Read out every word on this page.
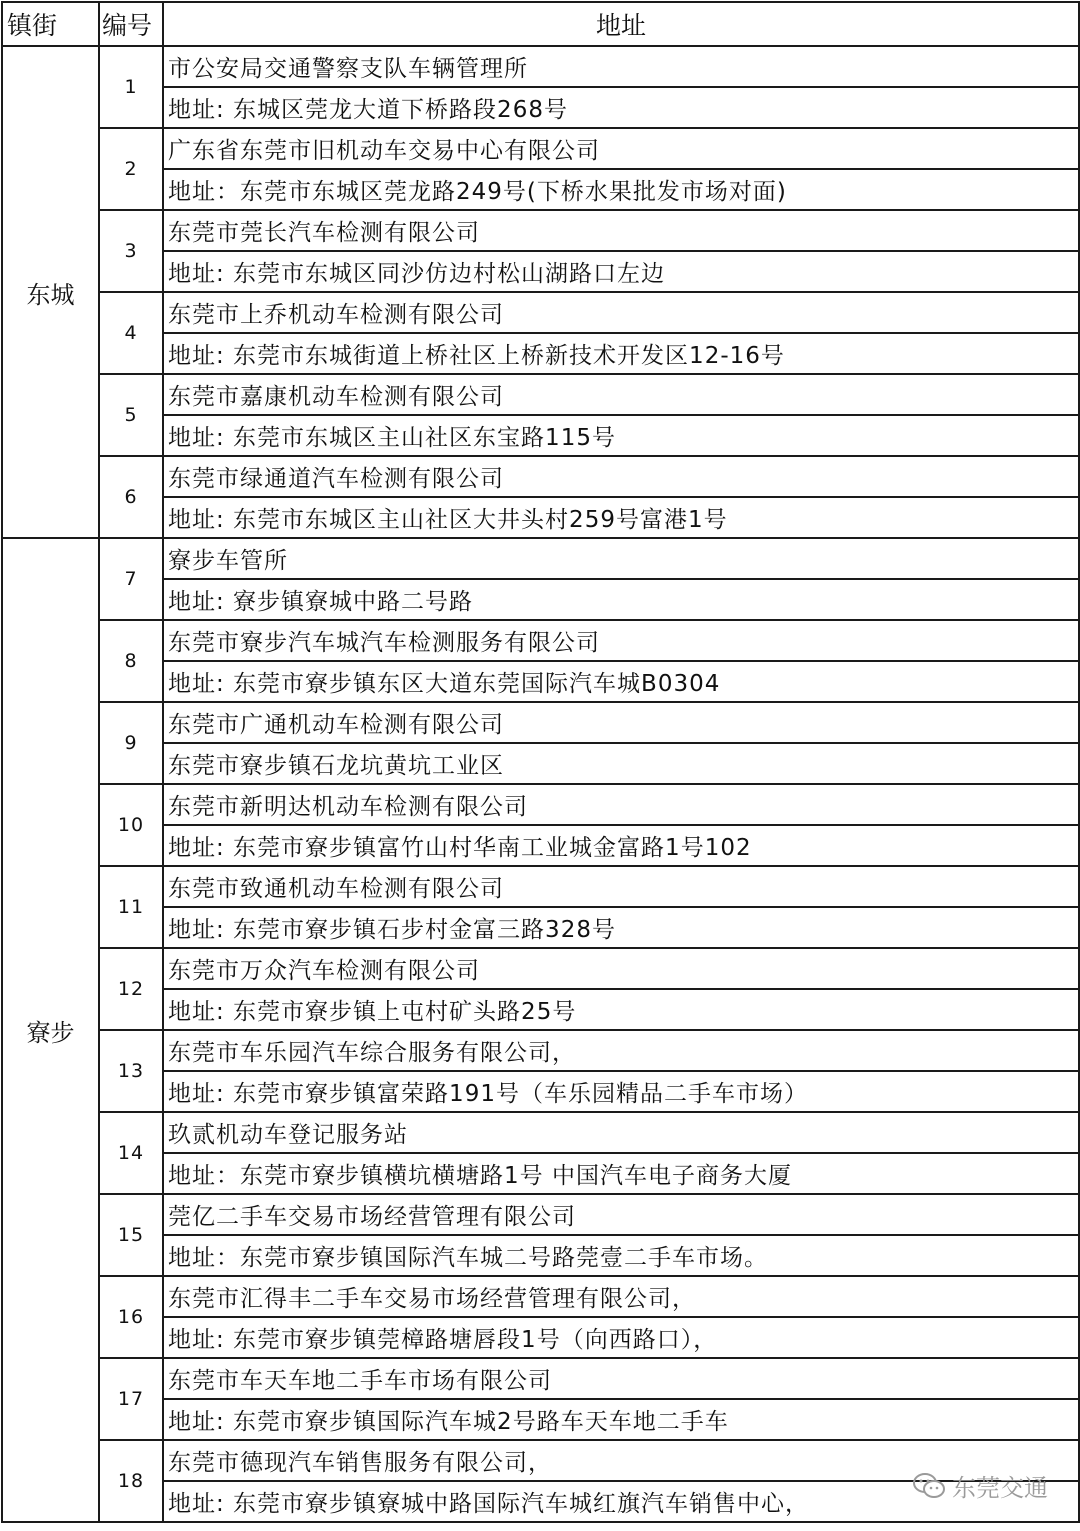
镇街	编号	地址
东城	1	市公安局交通警察支队车辆管理所
		地址: 东城区莞龙大道下桥路段268号
	2	广东省东莞市旧机动车交易中心有限公司
		地址：东莞市东城区莞龙路249号(下桥水果批发市场对面)
	3	东莞市莞长汽车检测有限公司
		地址: 东莞市东城区同沙仿边村松山湖路口左边
	4	东莞市上乔机动车检测有限公司
		地址: 东莞市东城街道上桥社区上桥新技术开发区12-16号
	5	东莞市嘉康机动车检测有限公司
		地址: 东莞市东城区主山社区东宝路115号
	6	东莞市绿通道汽车检测有限公司
		地址: 东莞市东城区主山社区大井头村259号富港1号
寮步	7	寮步车管所
		地址: 寮步镇寮城中路二号路
	8	东莞市寮步汽车城汽车检测服务有限公司
		地址: 东莞市寮步镇东区大道东莞国际汽车城B0304
	9	东莞市广通机动车检测有限公司
		东莞市寮步镇石龙坑黄坑工业区
	10	东莞市新明达机动车检测有限公司
		地址: 东莞市寮步镇富竹山村华南工业城金富路1号102
	11	东莞市致通机动车检测有限公司
		地址: 东莞市寮步镇石步村金富三路328号
	12	东莞市万众汽车检测有限公司
		地址: 东莞市寮步镇上屯村矿头路25号
	13	东莞市车乐园汽车综合服务有限公司，
		地址: 东莞市寮步镇富荣路191号（车乐园精品二手车市场）
	14	玖贰机动车登记服务站
		地址：东莞市寮步镇横坑横塘路1号 中国汽车电子商务大厦
	15	莞亿二手车交易市场经营管理有限公司
		地址：东莞市寮步镇国际汽车城二号路莞壹二手车市场。
	16	东莞市汇得丰二手车交易市场经营管理有限公司，
		地址: 东莞市寮步镇莞樟路塘唇段1号（向西路口），
	17	东莞市车天车地二手车市场有限公司
		地址: 东莞市寮步镇国际汽车城2号路车天车地二手车
	18	东莞市德现汽车销售服务有限公司，
		地址: 东莞市寮步镇寮城中路国际汽车城红旗汽车销售中心，
东莞交通
